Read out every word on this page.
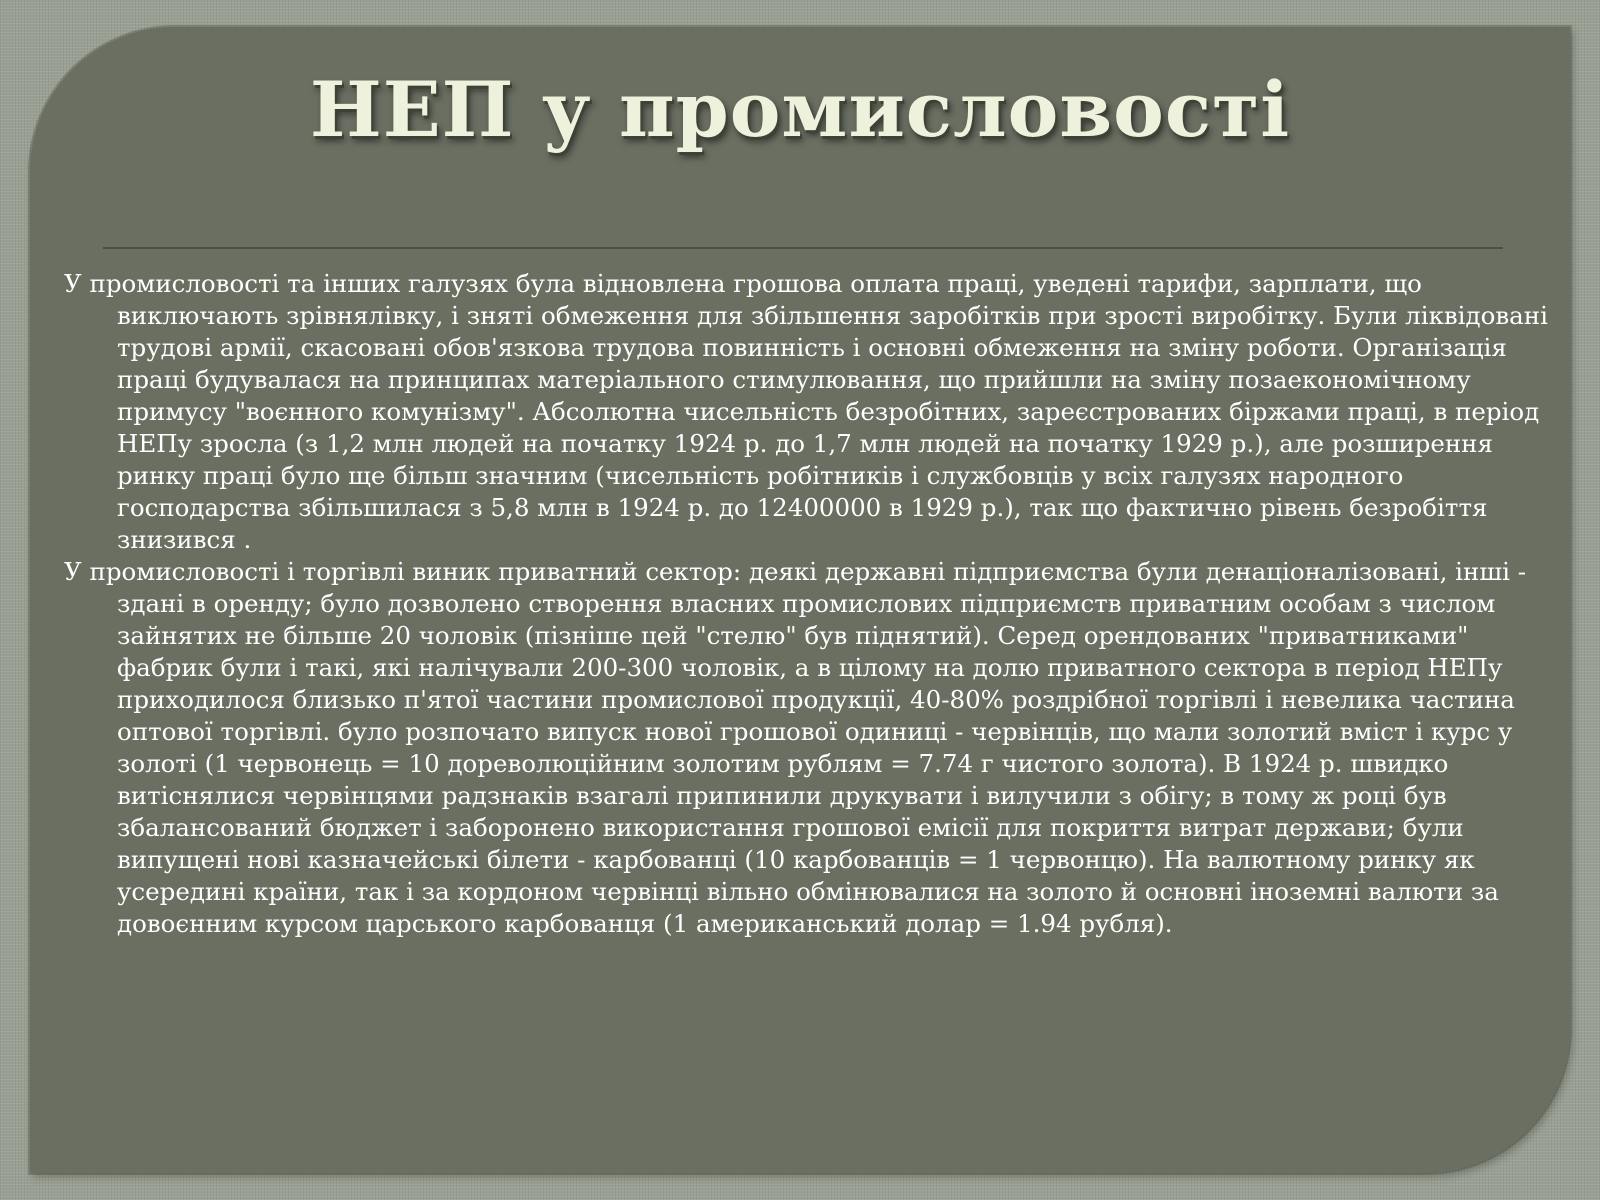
НЕП у промисловості

У промисловості та інших галузях була відновлена грошова оплата праці, уведені тарифи, зарплати, що виключають зрівнялівку, і зняті обмеження для збільшення заробітків при зрості виробітку. Були ліквідовані трудові армії, скасовані обов'язкова трудова повинність і основні обмеження на зміну роботи. Організація праці будувалася на принципах матеріального стимулювання, що прийшли на зміну позаекономічному примусу "воєнного комунізму". Абсолютна чисельність безробітних, зареєстрованих біржами праці, в період НЕПу зросла (з 1,2 млн людей на початку 1924 р. до 1,7 млн людей на початку 1929 р.), але розширення ринку праці було ще більш значним (чисельність робітників і службовців у всіх галузях народного господарства збільшилася з 5,8 млн в 1924 р. до 12400000 в 1929 р.), так що фактично рівень безробіття знизився .

У промисловості і торгівлі виник приватний сектор: деякі державні підприємства були денаціоналізовані, інші - здані в оренду; було дозволено створення власних промислових підприємств приватним особам з числом зайнятих не більше 20 чоловік (пізніше цей "стелю" був піднятий). Серед орендованих "приватниками" фабрик були і такі, які налічували 200-300 чоловік, а в цілому на долю приватного сектора в період НЕПу приходилося близько п'ятої частини промислової продукції, 40-80% роздрібної торгівлі і невелика частина оптової торгівлі. було розпочато випуск нової грошової одиниці - червінців, що мали золотий вміст і курс у золоті (1 червонець = 10 дореволюційним золотим рублям = 7.74 г чистого золота). В 1924 р. швидко витіснялися червінцями радзнаків взагалі припинили друкувати і вилучили з обігу; в тому ж році був збалансований бюджет і заборонено використання грошової емісії для покриття витрат держави; були випущені нові казначейські білети - карбованці (10 карбованців = 1 червонцю). На валютному ринку як усередині країни, так і за кордоном червінці вільно обмінювалися на золото й основні іноземні валюти за довоєнним курсом царського карбованця (1 американський долар = 1.94 рубля).
